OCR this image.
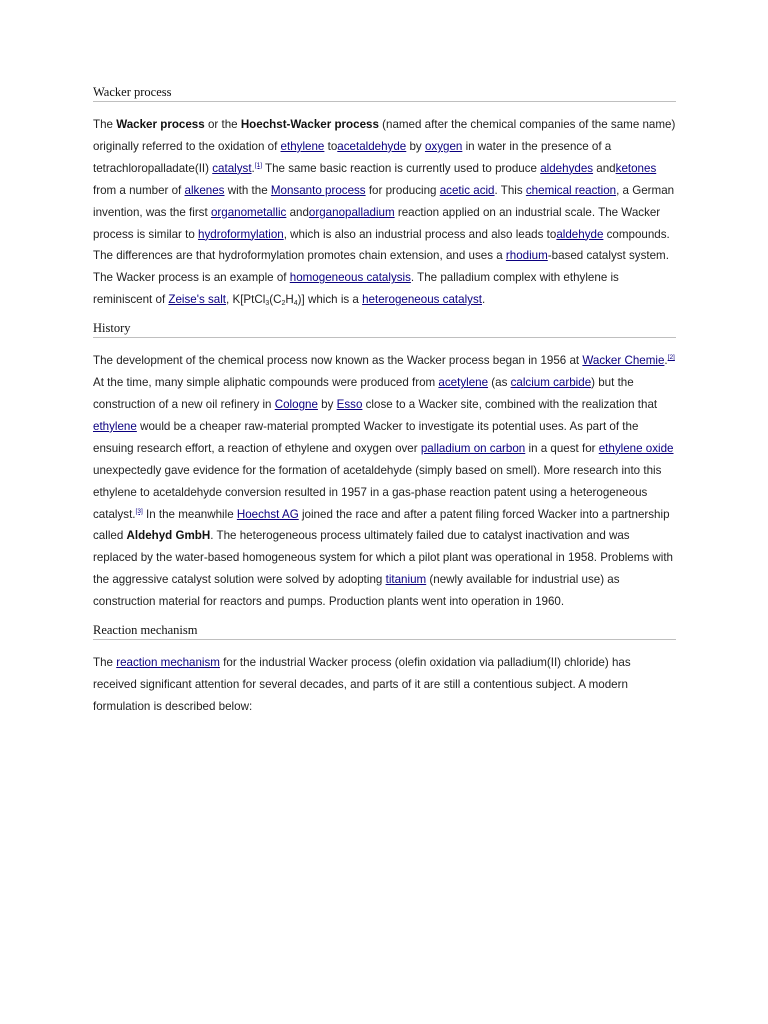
Wacker process

The Wacker process or the Hoechst-Wacker process (named after the chemical companies of the same name) originally referred to the oxidation of ethylene toacetaldehyde by oxygen in water in the presence of a tetrachloropalladate(II) catalyst.[1] The same basic reaction is currently used to produce aldehydes andketones from a number of alkenes with the Monsanto process for producing acetic acid. This chemical reaction, a German invention, was the first organometallic andorganopalladium reaction applied on an industrial scale. The Wacker process is similar to hydroformylation, which is also an industrial process and also leads toaldehyde compounds. The differences are that hydroformylation promotes chain extension, and uses a rhodium-based catalyst system. The Wacker process is an example of homogeneous catalysis. The palladium complex with ethylene is reminiscent of Zeise's salt, $K[PtCl_3(C_2H_4)]$ which is a heterogeneous catalyst.

History

The development of the chemical process now known as the Wacker process began in 1956 at Wacker Chemie.[2] At the time, many simple aliphatic compounds were produced from acetylene (as calcium carbide) but the construction of a new oil refinery in Cologne by Esso close to a Wacker site, combined with the realization that ethylene would be a cheaper raw-material prompted Wacker to investigate its potential uses. As part of the ensuing research effort, a reaction of ethylene and oxygen over palladium on carbon in a quest for ethylene oxide unexpectedly gave evidence for the formation of acetaldehyde (simply based on smell). More research into this ethylene to acetaldehyde conversion resulted in 1957 in a gas-phase reaction patent using a heterogeneous catalyst.[3] In the meanwhile Hoechst AG joined the race and after a patent filing forced Wacker into a partnership called Aldehyd GmbH. The heterogeneous process ultimately failed due to catalyst inactivation and was replaced by the water-based homogeneous system for which a pilot plant was operational in 1958. Problems with the aggressive catalyst solution were solved by adopting titanium (newly available for industrial use) as construction material for reactors and pumps. Production plants went into operation in 1960.

Reaction mechanism

The reaction mechanism for the industrial Wacker process (olefin oxidation via palladium(II) chloride) has received significant attention for several decades, and parts of it are still a contentious subject. A modern formulation is described below:
